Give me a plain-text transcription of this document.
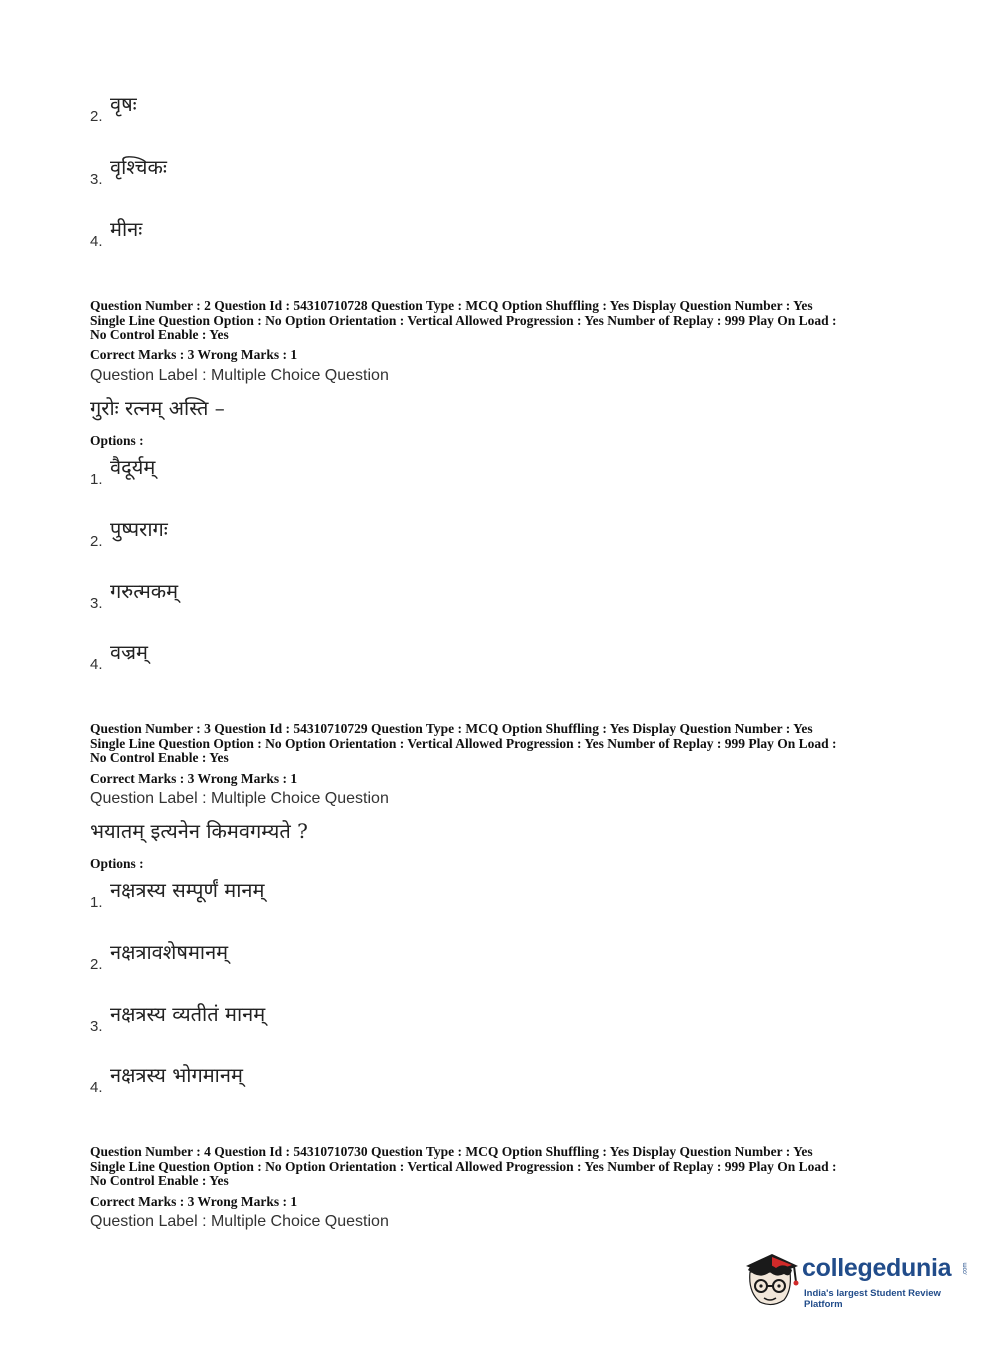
2.
वृषः
3.
वृश्चिकः
4.
मीनः
Question Number : 2 Question Id : 54310710728 Question Type : MCQ Option Shuffling : Yes Display Question Number : Yes
Single Line Question Option : No Option Orientation : Vertical Allowed Progression : Yes Number of Replay : 999 Play On Load :
No Control Enable : Yes
Correct Marks : 3 Wrong Marks : 1
Question Label : Multiple Choice Question
गुरोः रत्नम् अस्ति –
Options :
1.
वैदूर्यम्
2.
पुष्परागः
3.
गरुत्मकम्
4.
वज्रम्
Question Number : 3 Question Id : 54310710729 Question Type : MCQ Option Shuffling : Yes Display Question Number : Yes
Single Line Question Option : No Option Orientation : Vertical Allowed Progression : Yes Number of Replay : 999 Play On Load :
No Control Enable : Yes
Correct Marks : 3 Wrong Marks : 1
Question Label : Multiple Choice Question
भयातम् इत्यनेन किमवगम्यते ?
Options :
1.
नक्षत्रस्य सम्पूर्णं मानम्
2.
नक्षत्रावशेषमानम्
3.
नक्षत्रस्य व्यतीतं मानम्
4.
नक्षत्रस्य भोगमानम्
Question Number : 4 Question Id : 54310710730 Question Type : MCQ Option Shuffling : Yes Display Question Number : Yes
Single Line Question Option : No Option Orientation : Vertical Allowed Progression : Yes Number of Replay : 999 Play On Load :
No Control Enable : Yes
Correct Marks : 3 Wrong Marks : 1
Question Label : Multiple Choice Question
collegedunia .com
India's largest Student Review Platform
